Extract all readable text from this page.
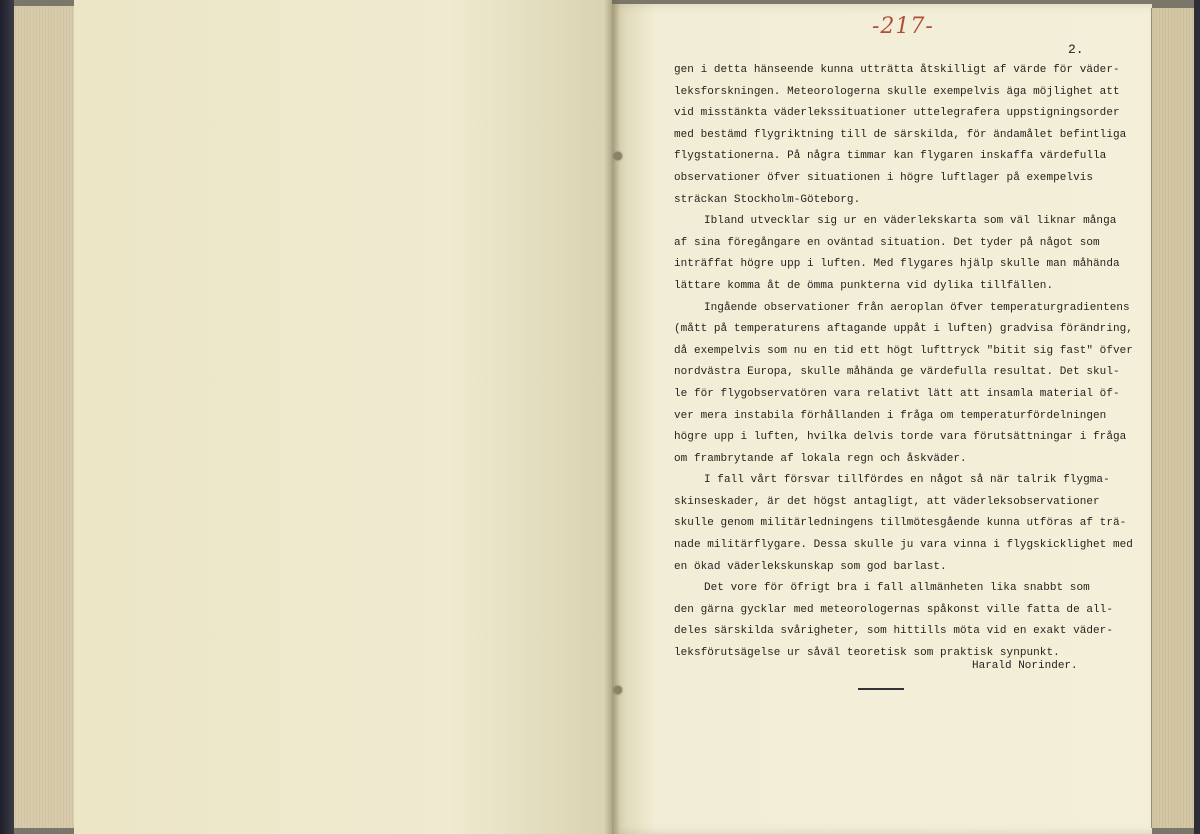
-217-
2.
gen i detta hänseende kunna utträtta åtskilligt af värde för väder-
leksforskningen. Meteorologerna skulle exempelvis äga möjlighet att
vid misstänkta väderlekssituationer uttelegrafera uppstigningsorder
med bestämd flygriktning till de särskilda, för ändamålet befintliga
flygstationerna. På några timmar kan flygaren inskaffa värdefulla
observationer öfver situationen i högre luftlager på exempelvis
sträckan Stockholm-Göteborg.
Ibland utvecklar sig ur en väderlekskarta som väl liknar många
af sina föregångare en oväntad situation. Det tyder på något som
inträffat högre upp i luften. Med flygares hjälp skulle man måhända
lättare komma åt de ömma punkterna vid dylika tillfällen.
Ingående observationer från aeroplan öfver temperaturgradientens
(mått på temperaturens aftagande uppåt i luften) gradvisa förändring,
då exempelvis som nu en tid ett högt lufttryck "bitit sig fast" öfver
nordvästra Europa, skulle måhända ge värdefulla resultat. Det skul-
le för flygobservatören vara relativt lätt att insamla material öf-
ver mera instabila förhållanden i fråga om temperaturfördelningen
högre upp i luften, hvilka delvis torde vara förutsättningar i fråga
om frambrytande af lokala regn och åskväder.
I fall vårt försvar tillfördes en något så när talrik flygma-
skinseskader, är det högst antagligt, att väderleksobservationer
skulle genom militärledningens tillmötesgående kunna utföras af trä-
nade militärflygare. Dessa skulle ju vara vinna i flygskicklighet med
en ökad väderlekskunskap som god barlast.
Det vore för öfrigt bra i fall allmänheten lika snabbt som
den gärna gycklar med meteorologernas spåkonst ville fatta de all-
deles särskilda svårigheter, som hittills möta vid en exakt väder-
leksförutsägelse ur såväl teoretisk som praktisk synpunkt.
Harald Norinder.
